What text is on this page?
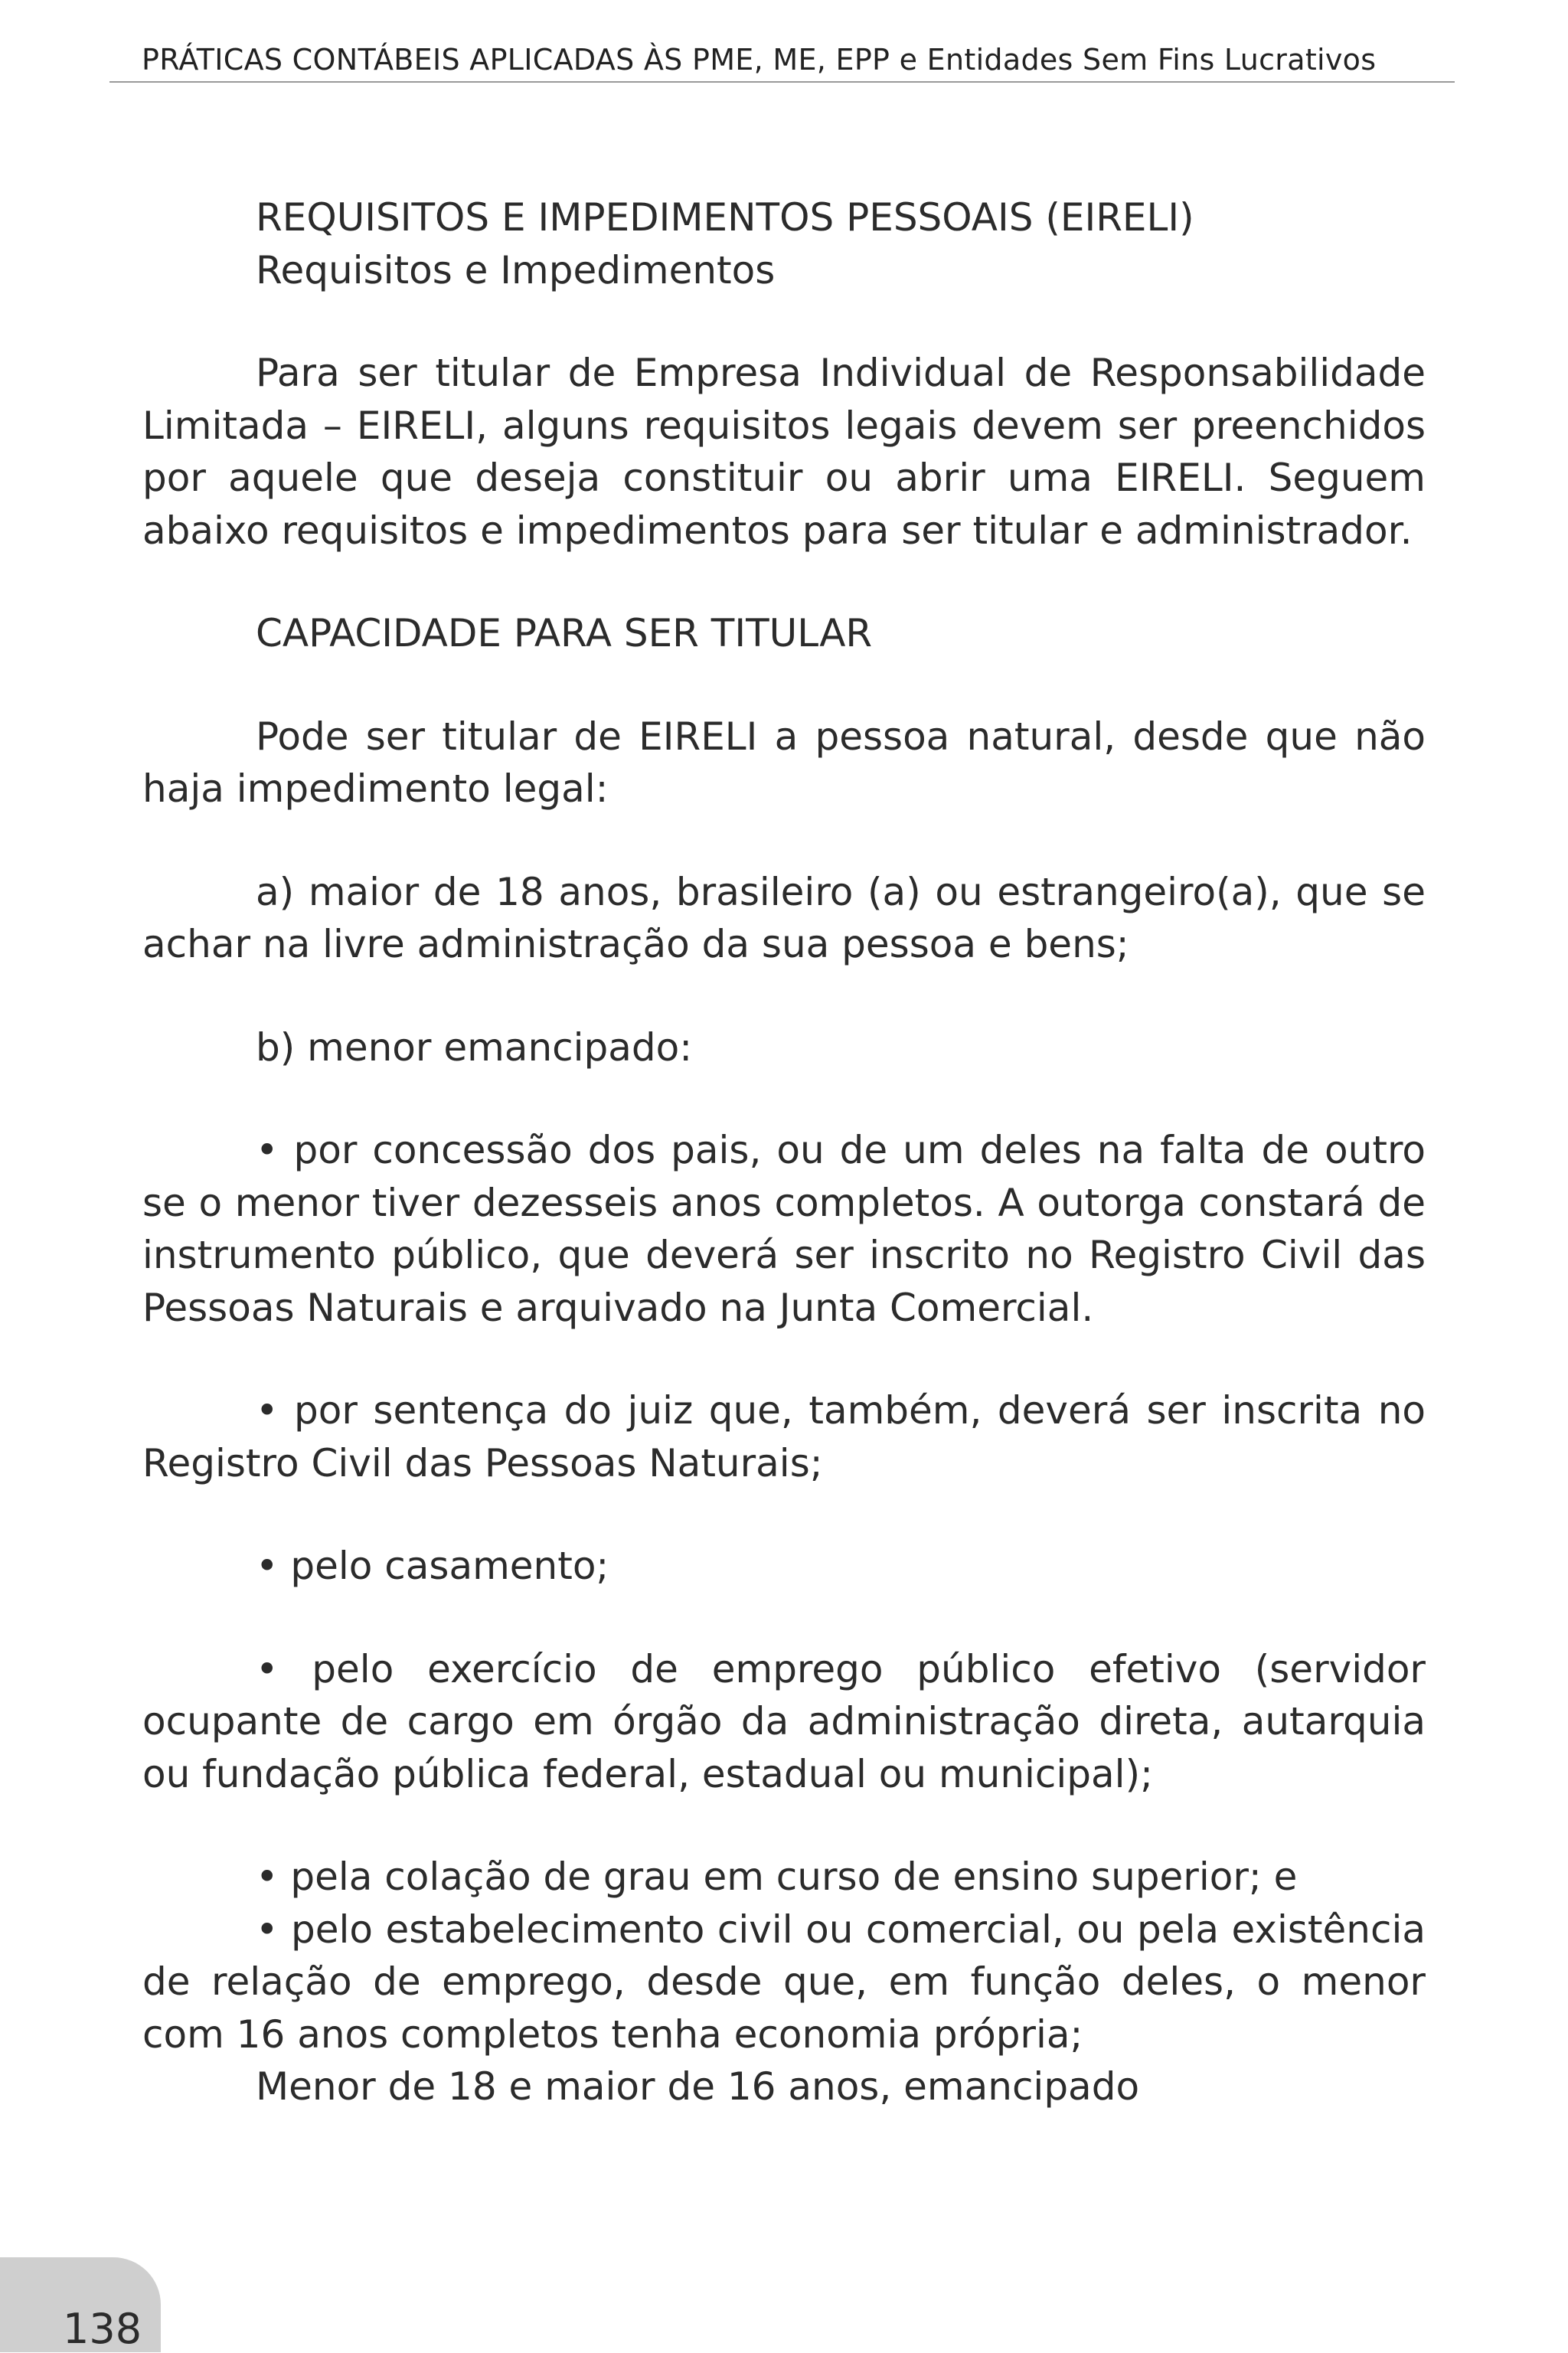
PRÁTICAS CONTÁBEIS APLICADAS ÀS PME, ME, EPP e Entidades Sem Fins Lucrativos
REQUISITOS E IMPEDIMENTOS PESSOAIS (EIRELI)
Requisitos e Impedimentos

Para ser titular de Empresa Individual de Responsabilidade Limitada – EIRELI, alguns requisitos legais devem ser preenchidos por aquele que deseja constituir ou abrir uma EIRELI. Seguem abaixo requisitos e impedimentos para ser titular e administrador.

CAPACIDADE PARA SER TITULAR

Pode ser titular de EIRELI a pessoa natural, desde que não haja impedimento legal:

a) maior de 18 anos, brasileiro (a) ou estrangeiro(a), que se achar na livre administração da sua pessoa e bens;

b) menor emancipado:

• por concessão dos pais, ou de um deles na falta de outro se o menor tiver dezesseis anos completos. A outorga constará de instrumento público, que deverá ser inscrito no Registro Civil das Pessoas Naturais e arquivado na Junta Comercial.

• por sentença do juiz que, também, deverá ser inscrita no Registro Civil das Pessoas Naturais;

• pelo casamento;

• pelo exercício de emprego público efetivo (servidor ocupante de cargo em órgão da administração direta, autarquia ou fundação pública federal, estadual ou municipal);

• pela colação de grau em curso de ensino superior; e

• pelo estabelecimento civil ou comercial, ou pela existência de relação de emprego, desde que, em função deles, o menor com 16 anos completos tenha economia própria;

Menor de 18 e maior de 16 anos, emancipado

138
